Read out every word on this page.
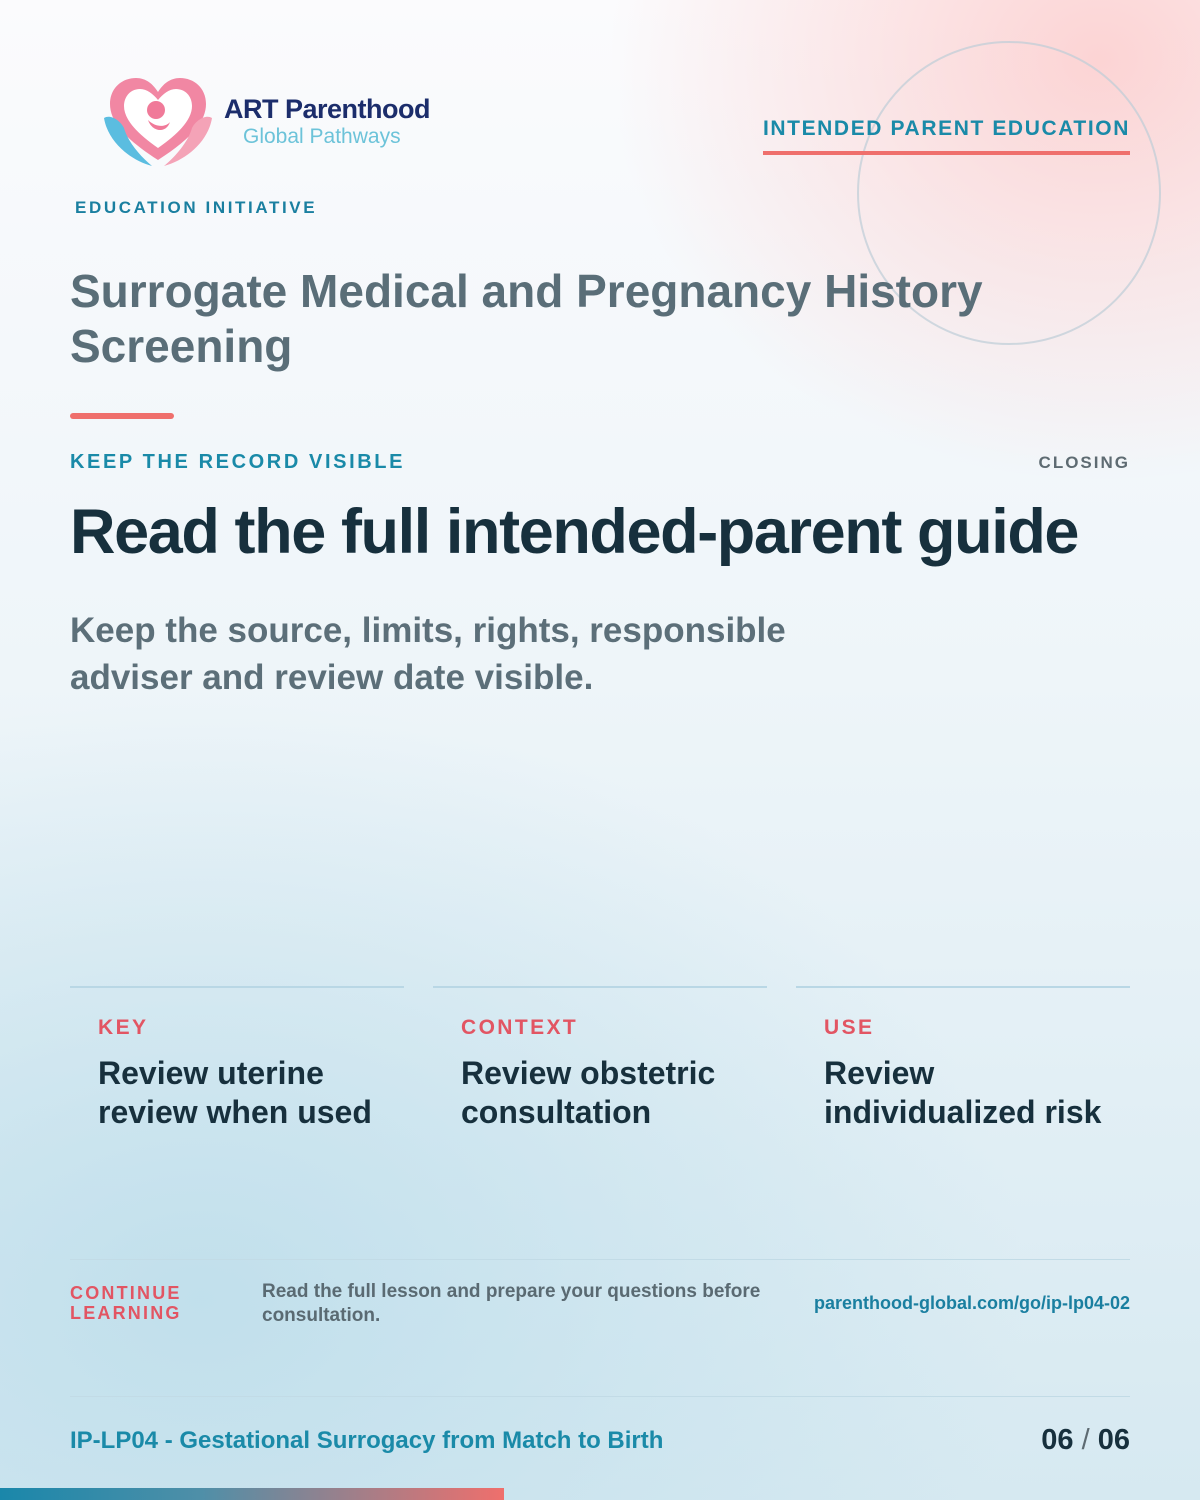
ART Parenthood
Global Pathways
EDUCATION INITIATIVE
INTENDED PARENT EDUCATION
Surrogate Medical and Pregnancy History Screening
KEEP THE RECORD VISIBLE	CLOSING
Read the full intended-parent guide
Keep the source, limits, rights, responsible adviser and review date visible.
KEY
Review uterine review when used
CONTEXT
Review obstetric consultation
USE
Review individualized risk
CONTINUE LEARNING
Read the full lesson and prepare your questions before consultation.
parenthood-global.com/go/ip-lp04-02
IP-LP04 - Gestational Surrogacy from Match to Birth	06 / 06
